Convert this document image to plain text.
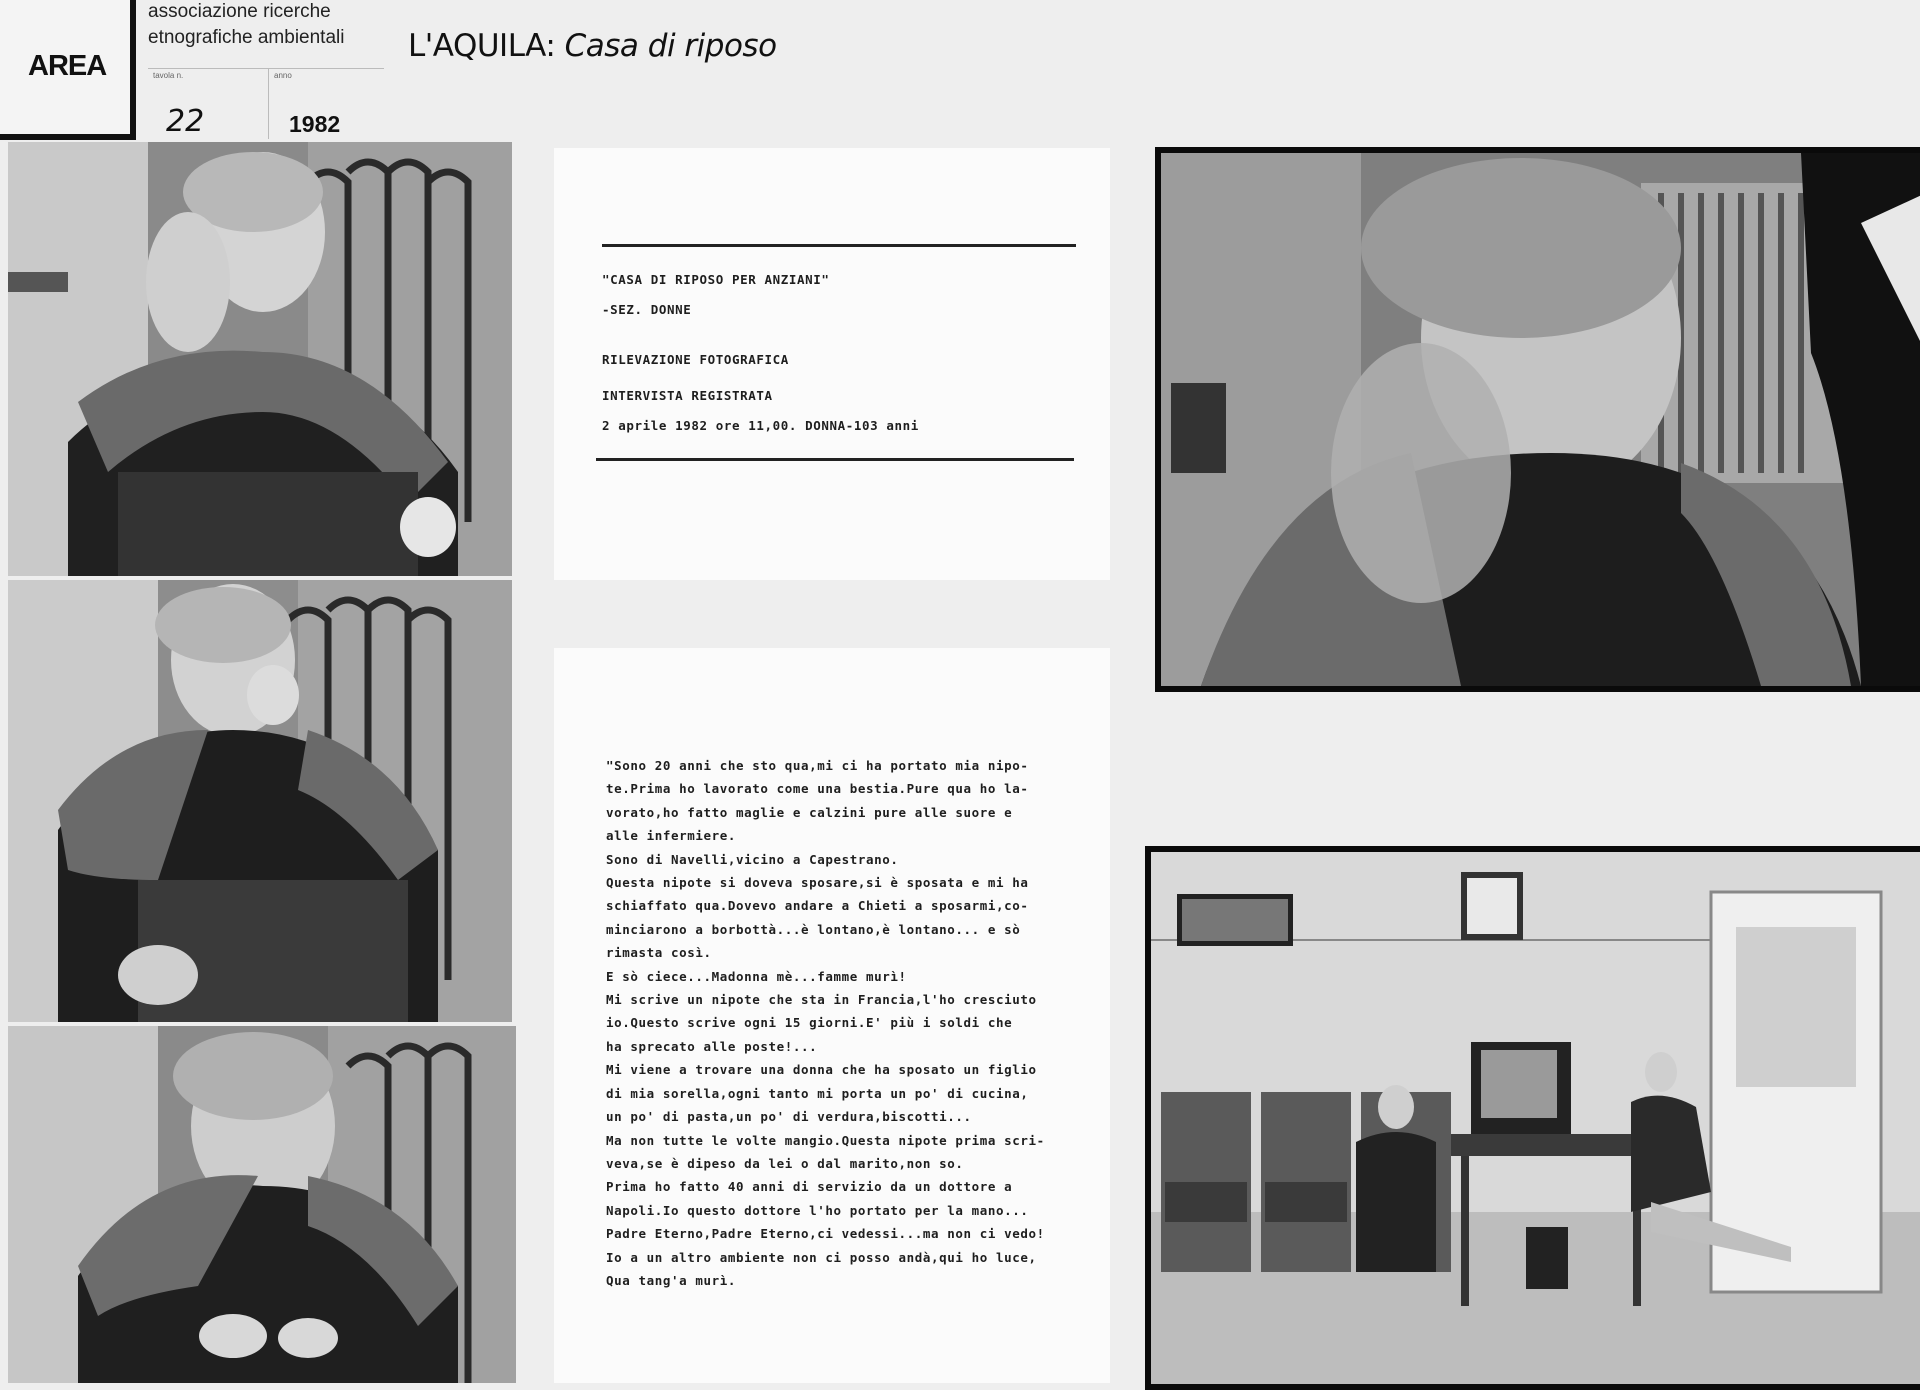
AREA
associazione ricerche
etnografiche ambientali
tavola n.
22
anno
1982
L'AQUILA: Casa di riposo
"CASA DI RIPOSO PER ANZIANI"
-SEZ. DONNE
RILEVAZIONE FOTOGRAFICA
INTERVISTA REGISTRATA
2 aprile 1982 ore 11,00. DONNA-103 anni
"Sono 20 anni che sto qua,mi ci ha portato mia nipo-
te.Prima ho lavorato come una bestia.Pure qua ho la-
vorato,ho fatto maglie e calzini pure alle suore e
alle infermiere.
Sono di Navelli,vicino a Capestrano.
Questa nipote si doveva sposare,si è sposata e mi ha
schiaffato qua.Dovevo andare a Chieti a sposarmi,co-
minciarono a borbottà...è lontano,è lontano... e sò
rimasta così.
E sò ciece...Madonna mè...famme murì!
Mi scrive un nipote che sta in Francia,l'ho cresciuto
io.Questo scrive ogni 15 giorni.E' più i soldi che
ha sprecato alle poste!...
Mi viene a trovare una donna che ha sposato un figlio
di mia sorella,ogni tanto mi porta un po' di cucina,
un po' di pasta,un po' di verdura,biscotti...
Ma non tutte le volte mangio.Questa nipote prima scri-
veva,se è dipeso da lei o dal marito,non so.
Prima ho fatto 40 anni di servizio da un dottore a
Napoli.Io questo dottore l'ho portato per la mano...
Padre Eterno,Padre Eterno,ci vedessi...ma non ci vedo!
Io a un altro ambiente non ci posso andà,qui ho luce,
Qua tang'a murì.
